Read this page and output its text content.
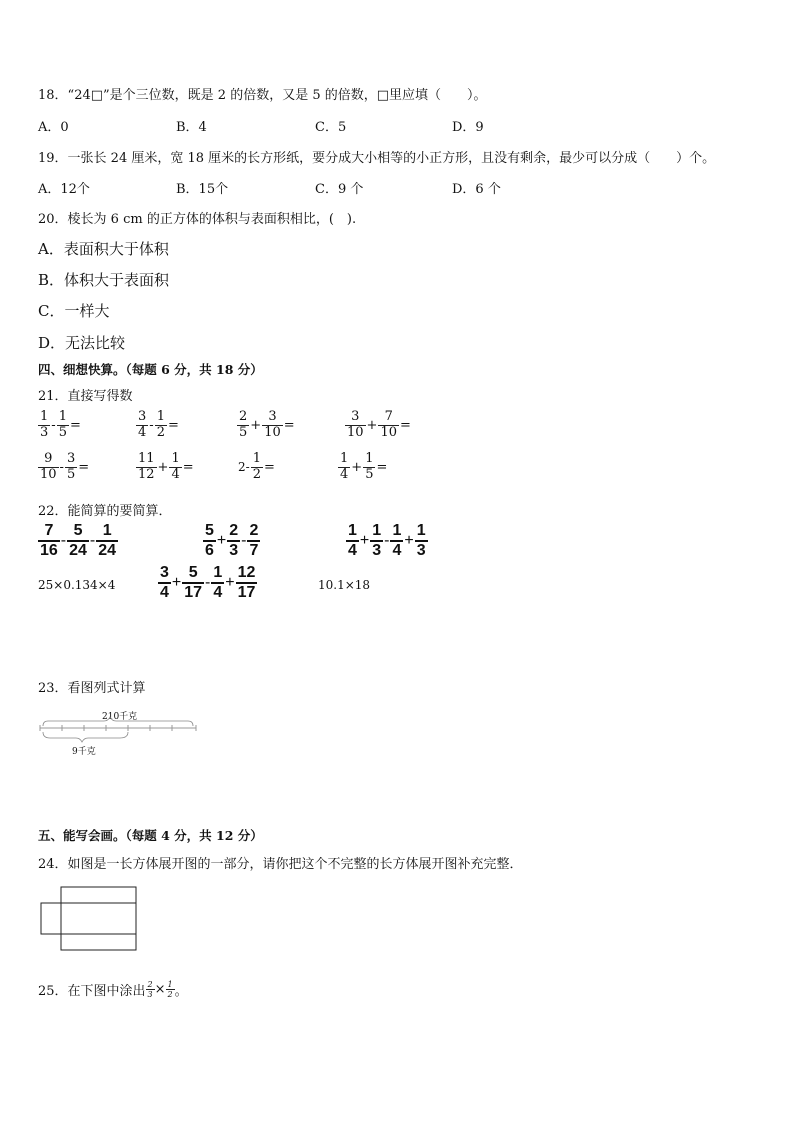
18．“24□”是个三位数，既是 2 的倍数，又是 5 的倍数，□里应填（　　）。
A．0	B．4	C．5	D．9
19．一张长 24 厘米，宽 18 厘米的长方形纸，要分成大小相等的小正方形，且没有剩余，最少可以分成（　　）个。
A．12个	B．15个	C．9 个	D．6 个
20．棱长为 6 cm 的正方体的体积与表面积相比，(　).
A．表面积大于体积
B．体积大于表面积
C．一样大
D．无法比较
四、细想快算。（每题 6 分，共 18 分）
21．直接写得数
$\frac{1}{3} - \frac{1}{5}$ =	$\frac{3}{4} - \frac{1}{2}$ =	$\frac{2}{5} + \frac{3}{10}$ =	$\frac{3}{10} + \frac{7}{10}$ =
$\frac{9}{10} - \frac{3}{5}$ =	$\frac{11}{12} + \frac{1}{4}$ =	$2- \frac{1}{2}$ =	$\frac{1}{4} + \frac{1}{5}$ =
22．能简算的要简算．
$\frac{7}{16} - \frac{5}{24} - \frac{1}{24}$	$\frac{5}{6} + \frac{2}{3} - \frac{2}{7}$	$\frac{1}{4} + \frac{1}{3} - \frac{1}{4} + \frac{1}{3}$
25×0.134×4	$\frac{3}{4} + \frac{5}{17} - \frac{1}{4} + \frac{12}{17}$	10.1×18
23．看图列式计算
210千克
9千克
五、能写会画。（每题 4 分，共 12 分）
24．如图是一长方体展开图的一部分，请你把这个不完整的长方体展开图补充完整．
25．在下图中涂出 $\frac{2}{3} \times \frac{1}{2}$ 。
